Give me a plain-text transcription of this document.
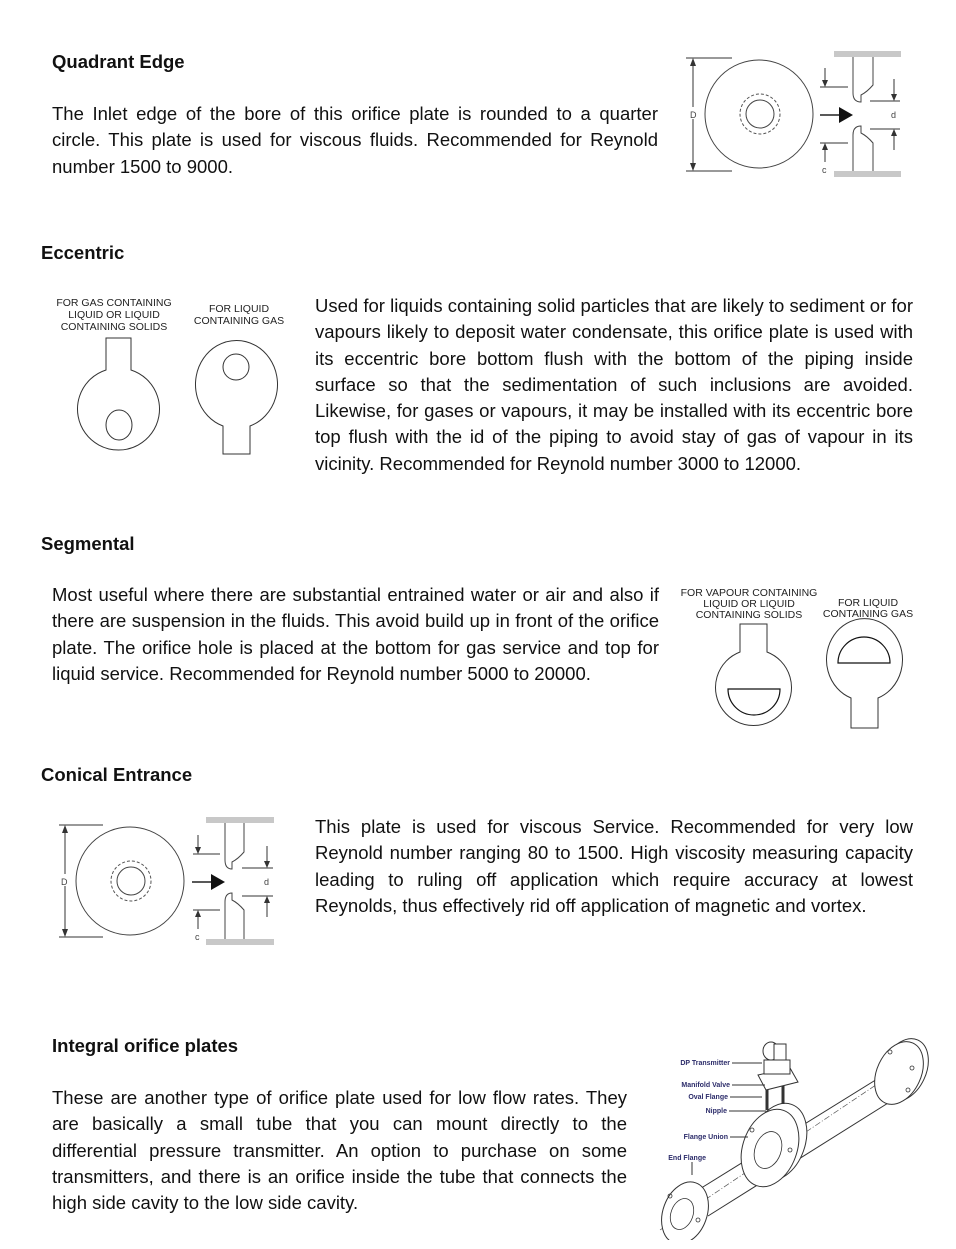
Quadrant Edge
The Inlet edge of the bore of this orifice plate is rounded to a quarter circle. This plate is used for viscous fluids. Recommended for Reynold number 1500 to 9000.
D
c
d
Eccentric
FOR GAS CONTAINING
LIQUID OR LIQUID
CONTAINING SOLIDS
FOR LIQUID
CONTAINING GAS
Used for liquids containing solid particles that are likely to sediment or for vapours likely to deposit water condensate, this orifice plate is used with its eccentric bore bottom flush with the bottom of the piping inside surface so that the sedimentation of such inclusions are avoided. Likewise, for gases or vapours, it may be installed with its eccentric bore top flush with the id of the piping to avoid stay of gas of vapour in its vicinity. Recommended for Reynold number 3000 to 12000.
Segmental
Most useful where there are substantial entrained water or air and also if there are suspension in the fluids. This avoid build up in front of the orifice plate. The orifice hole is placed at the bottom for gas service and top for liquid service. Recommended for Reynold number 5000 to 20000.
FOR VAPOUR CONTAINING
LIQUID OR LIQUID
CONTAINING SOLIDS
FOR LIQUID
CONTAINING GAS
Conical Entrance
D
c
d
This plate is used for viscous Service. Recommended for very low Reynold number ranging 80 to 1500. High viscosity measuring capacity leading to ruling off application which require accuracy at lowest Reynolds, thus effectively rid off application of magnetic and vortex.
Integral orifice plates
These are another type of orifice plate used for low flow rates. They are basically a small tube that you can mount directly to the differential pressure transmitter. An option to purchase on some transmitters, and there is an orifice inside the tube that connects the high side cavity to the low side cavity.
DP Transmitter
Manifold Valve
Oval Flange
Nipple
Flange Union
End Flange
